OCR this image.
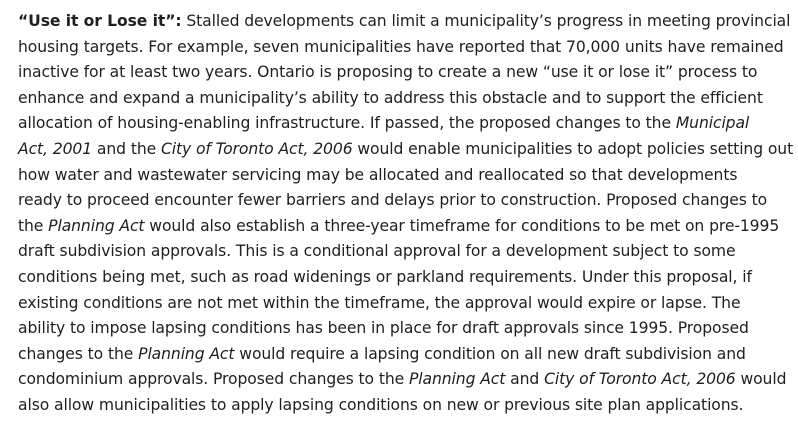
“Use it or Lose it”: Stalled developments can limit a municipality’s progress in meeting provincial
housing targets. For example, seven municipalities have reported that 70,000 units have remained
inactive for at least two years. Ontario is proposing to create a new “use it or lose it” process to
enhance and expand a municipality’s ability to address this obstacle and to support the efficient
allocation of housing-enabling infrastructure. If passed, the proposed changes to the Municipal
Act, 2001 and the City of Toronto Act, 2006 would enable municipalities to adopt policies setting out
how water and wastewater servicing may be allocated and reallocated so that developments
ready to proceed encounter fewer barriers and delays prior to construction. Proposed changes to
the Planning Act would also establish a three-year timeframe for conditions to be met on pre-1995
draft subdivision approvals. This is a conditional approval for a development subject to some
conditions being met, such as road widenings or parkland requirements. Under this proposal, if
existing conditions are not met within the timeframe, the approval would expire or lapse. The
ability to impose lapsing conditions has been in place for draft approvals since 1995. Proposed
changes to the Planning Act would require a lapsing condition on all new draft subdivision and
condominium approvals. Proposed changes to the Planning Act and City of Toronto Act, 2006 would
also allow municipalities to apply lapsing conditions on new or previous site plan applications.
